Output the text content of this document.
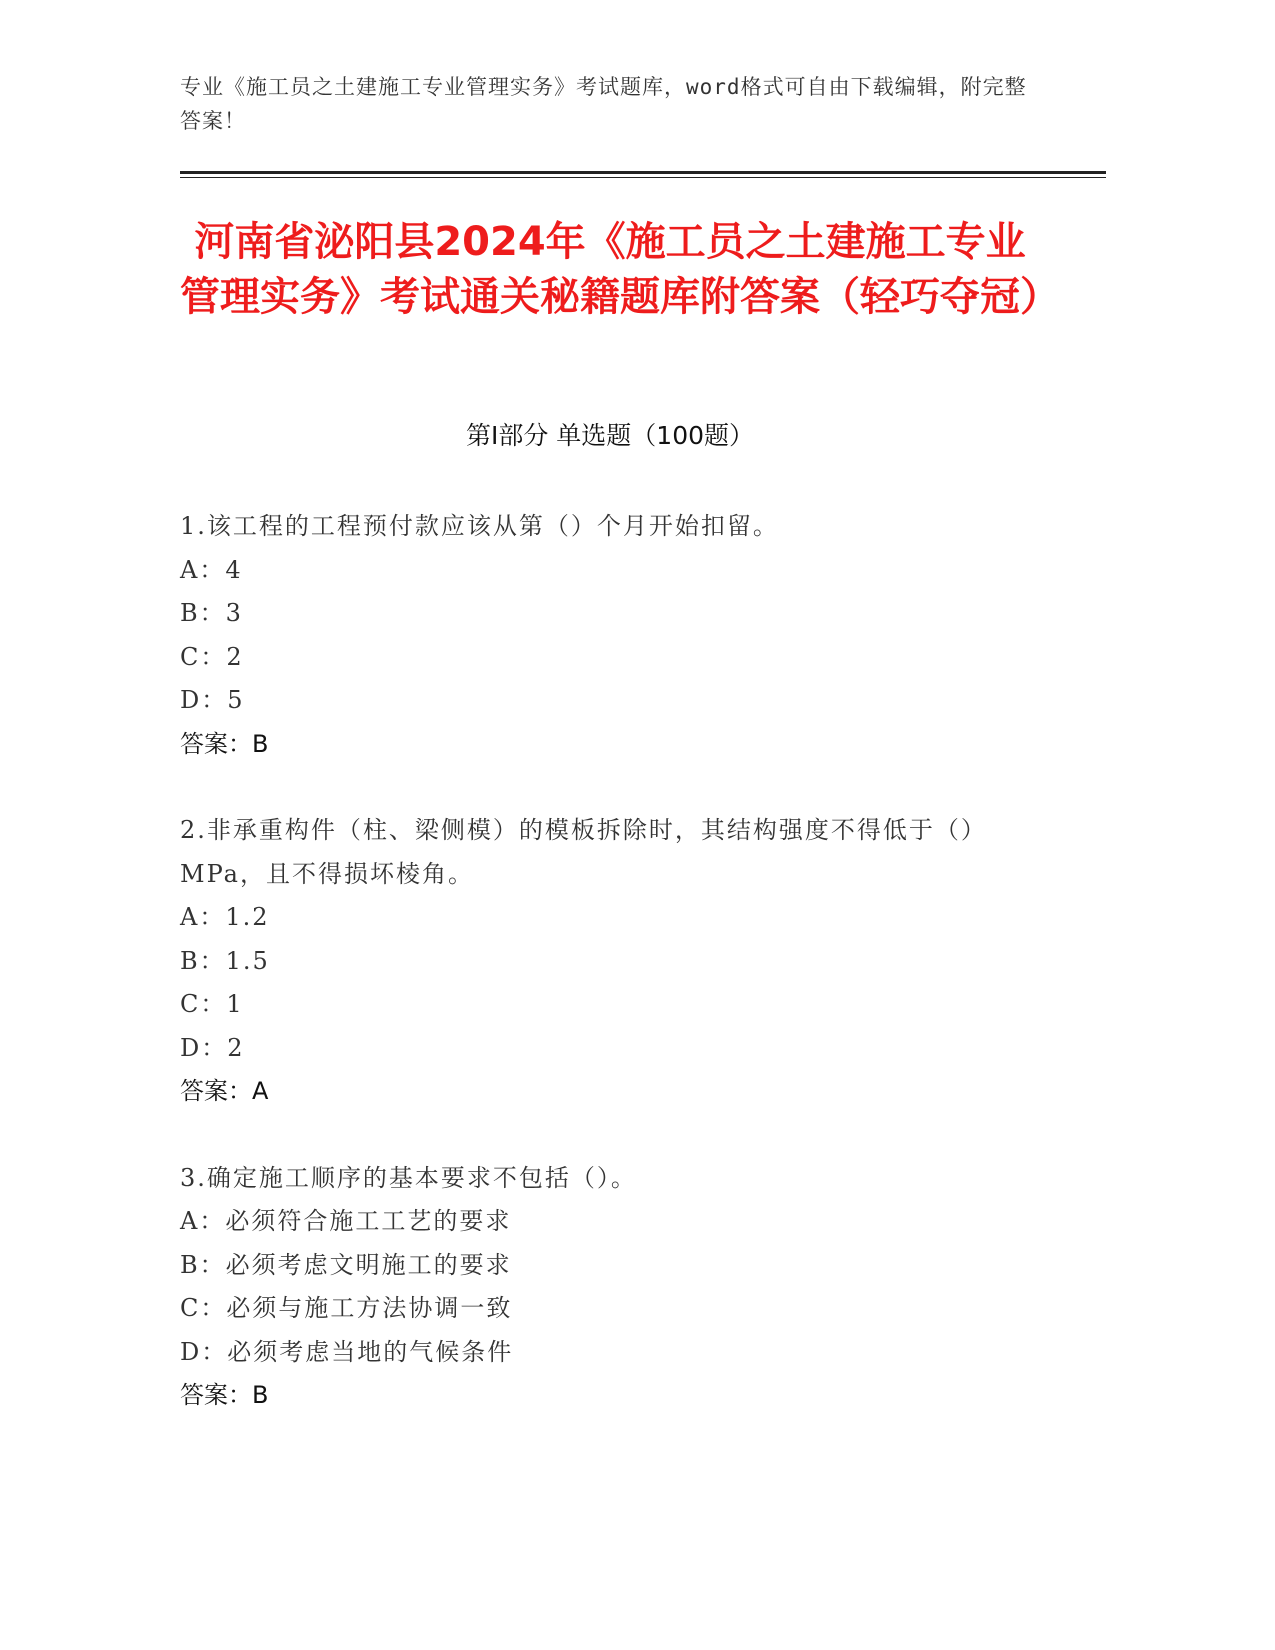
专业《施工员之土建施工专业管理实务》考试题库，word格式可自由下载编辑，附完整答案！
河南省泌阳县2024年《施工员之土建施工专业管理实务》考试通关秘籍题库附答案（轻巧夺冠）
第Ⅰ部分 单选题（100题）
1.该工程的工程预付款应该从第（）个月开始扣留。
A：4
B：3
C：2
D：5
答案：B
2.非承重构件（柱、梁侧模）的模板拆除时，其结构强度不得低于（）MPa，且不得损坏棱角。
A：1.2
B：1.5
C：1
D：2
答案：A
3.确定施工顺序的基本要求不包括（）。
A：必须符合施工工艺的要求
B：必须考虑文明施工的要求
C：必须与施工方法协调一致
D：必须考虑当地的气候条件
答案：B
